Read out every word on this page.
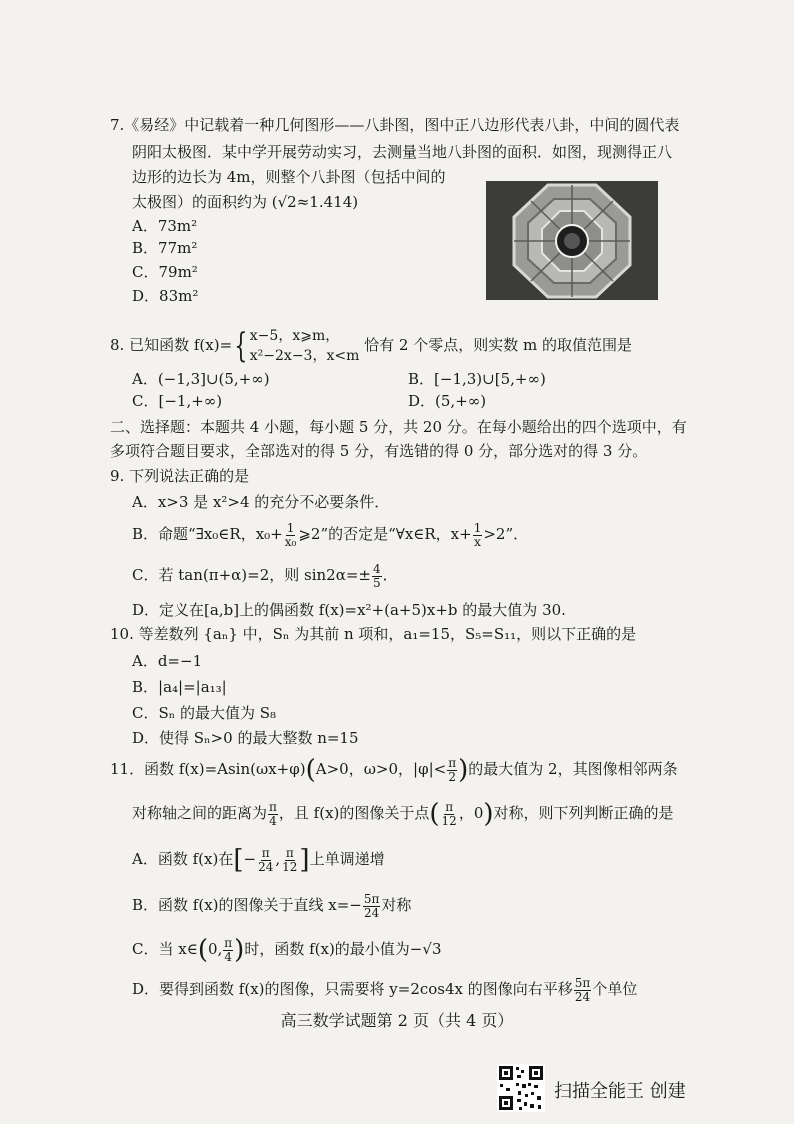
7.《易经》中记载着一种几何图形——八卦图，图中正八边形代表八卦，中间的圆代表
阴阳太极图．某中学开展劳动实习，去测量当地八卦图的面积．如图，现测得正八
边形的边长为 4m，则整个八卦图（包括中间的
太极图）的面积约为 (√2≈1.414)
A．73m²
B．77m²
C．79m²
D．83m²
8. 已知函数 f(x)={ x−5，x⩾m，
x²−2x−3，x<m
恰有 2 个零点，则实数 m 的取值范围是
A．(−1,3]∪(5,+∞)	B．[−1,3)∪[5,+∞)
C．[−1,+∞)	D．(5,+∞)
二、选择题：本题共 4 小题，每小题 5 分，共 20 分。在每小题给出的四个选项中，有
多项符合题目要求，全部选对的得 5 分，有选错的得 0 分，部分选对的得 3 分。
9. 下列说法正确的是
A．x>3 是 x²>4 的充分不必要条件．
B．命题“∃x₀∈R，$x_0+ \frac{1}{\text{x₀}}$ ⩾2”的否定是“∀x∈R，$x+ \frac{1}{x} >2$”．
C．若 tan(π+α)=2，则 $\sin 2\alpha=\pm \frac{4}{5}$ ．
D．定义在[a,b]上的偶函数 f(x)=x²+(a+5)x+b 的最大值为 30.
10. 等差数列 {aₙ} 中，Sₙ 为其前 n 项和，a₁=15，S₅=S₁₁，则以下正确的是
A．d=−1
B．|a₄|=|a₁₃|
C．Sₙ 的最大值为 S₈
D．使得 Sₙ>0 的最大整数 n=15
11．函数 f(x)=Asin(ωx+φ)(A>0，ω>0，$|\varphi|< \frac{\pi}{2}$ )的最大值为 2，其图像相邻两条
对称轴之间的距离为 $\frac{\pi}{4}$ ，且 f(x)的图像关于点( $\frac{\pi}{12}$ ，0)对称，则下列判断正确的是
A．函数 f(x)在[− $\frac{\pi}{24}$ , $\frac{\pi}{12}$ ]上单调递增
B．函数 f(x)的图像关于直线 $x=- \frac{5\pi}{24}$ 对称
C．当 x∈(0, $\frac{\pi}{4}$ )时，函数 f(x)的最小值为−√3
D．要得到函数 f(x)的图像，只需要将 y=2cos4x 的图像向右平移 $\frac{5\pi}{24}$ 个单位
高三数学试题第 2 页（共 4 页）
扫描全能王 创建
